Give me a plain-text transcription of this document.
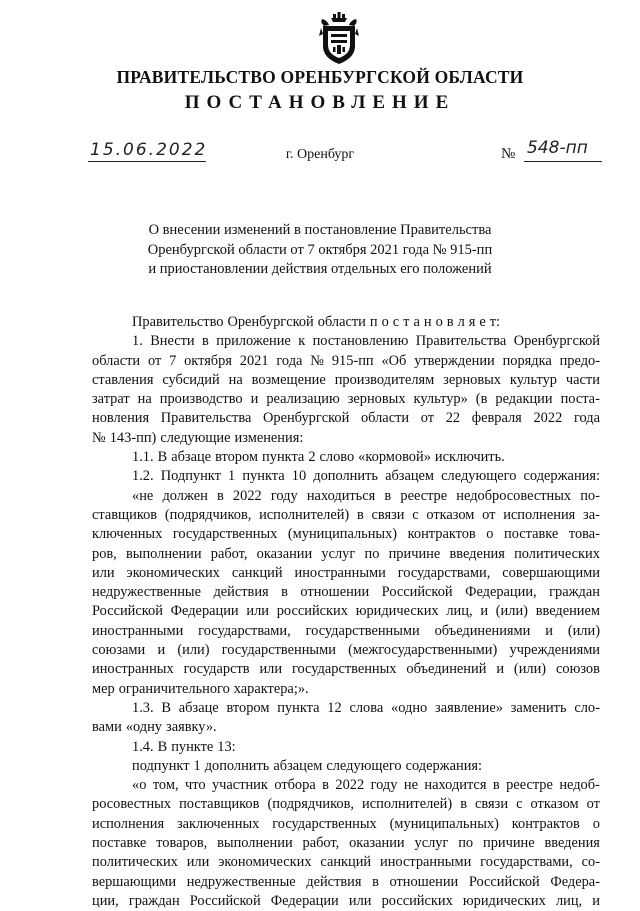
ПРАВИТЕЛЬСТВО ОРЕНБУРГСКОЙ ОБЛАСТИ
ПОСТАНОВЛЕНИЕ
15.06.2022	г. Оренбург	№ 548-пп
О внесении изменений в постановление Правительства
Оренбургской области от 7 октября 2021 года № 915-пп
и приостановлении действия отдельных его положений
Правительство Оренбургской области п о с т а н о в л я е т:
1. Внести в приложение к постановлению Правительства Оренбургской
области от 7 октября 2021 года № 915-пп «Об утверждении порядка предо-
ставления субсидий на возмещение производителям зерновых культур части
затрат на производство и реализацию зерновых культур» (в редакции поста-
новления Правительства Оренбургской области от 22 февраля 2022 года
№ 143-пп) следующие изменения:
1.1. В абзаце втором пункта 2 слово «кормовой» исключить.
1.2. Подпункт 1 пункта 10 дополнить абзацем следующего содержания:
«не должен в 2022 году находиться в реестре недобросовестных по-
ставщиков (подрядчиков, исполнителей) в связи с отказом от исполнения за-
ключенных государственных (муниципальных) контрактов о поставке това-
ров, выполнении работ, оказании услуг по причине введения политических
или экономических санкций иностранными государствами, совершающими
недружественные действия в отношении Российской Федерации, граждан
Российской Федерации или российских юридических лиц, и (или) введением
иностранными государствами, государственными объединениями и (или)
союзами и (или) государственными (межгосударственными) учреждениями
иностранных государств или государственных объединений и (или) союзов
мер ограничительного характера;».
1.3. В абзаце втором пункта 12 слова «одно заявление» заменить сло-
вами «одну заявку».
1.4. В пункте 13:
подпункт 1 дополнить абзацем следующего содержания:
«о том, что участник отбора в 2022 году не находится в реестре недоб-
росовестных поставщиков (подрядчиков, исполнителей) в связи с отказом от
исполнения заключенных государственных (муниципальных) контрактов о
поставке товаров, выполнении работ, оказании услуг по причине введения
политических или экономических санкций иностранными государствами, со-
вершающими недружественные действия в отношении Российской Федера-
ции, граждан Российской Федерации или российских юридических лиц, и
